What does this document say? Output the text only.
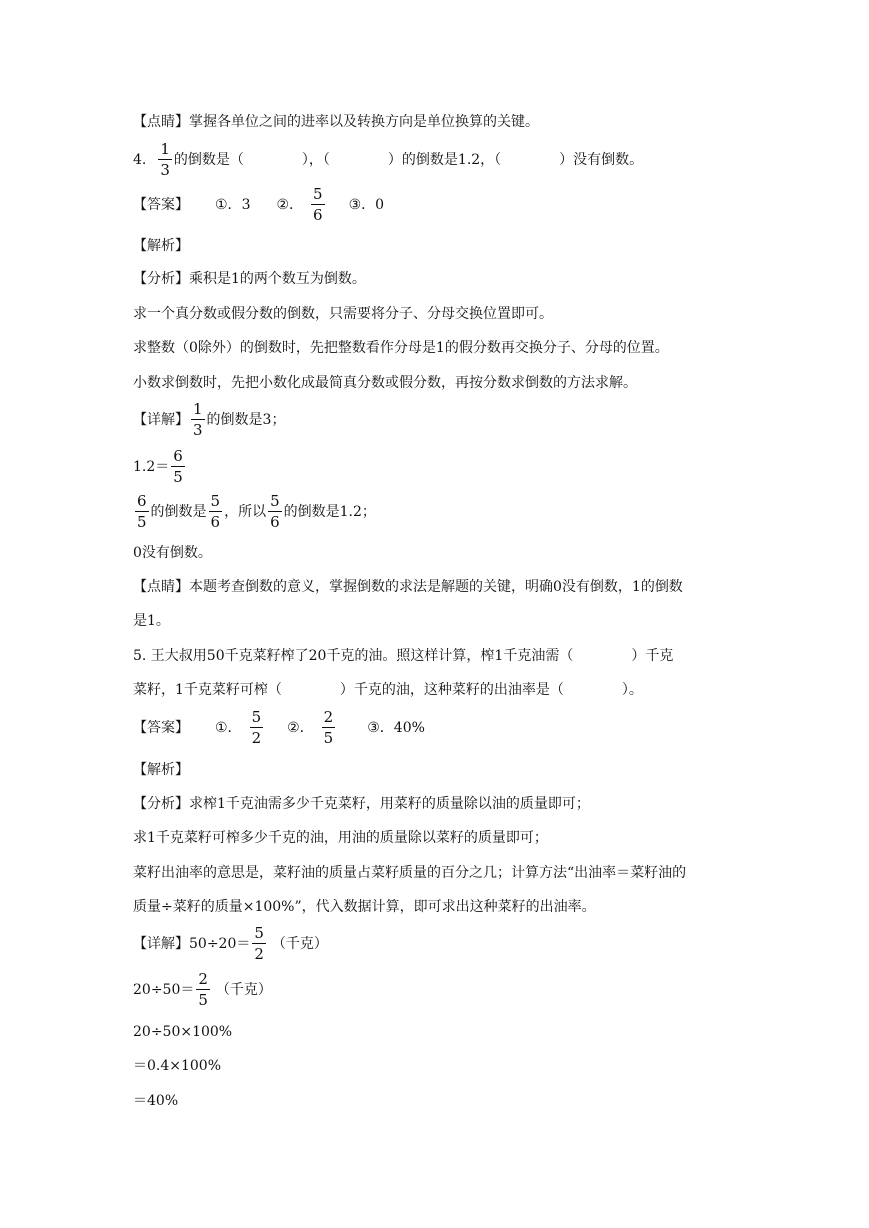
【点睛】 掌握各单位之间的进率以及转换方向是单位换算的关键。
4. $\frac{1}{3}$ 的倒数是（	），（	）的倒数是1.2，（	）没有倒数。
【答案】 ①． 3 ②． $\frac{5}{6}$ ③． 0
【解析】
【分析】 乘积是1的两个数互为倒数。
求一个真分数或假分数的倒数，只需要将分子、分母交换位置即可。
求整数（0除外）的倒数时，先把整数看作分母是1的假分数再交换分子、分母的位置。
小数求倒数时，先把小数化成最简真分数或假分数，再按分数求倒数的方法求解。
【详解】 $\frac{1}{3}$ 的倒数是3；
$1.2= \frac{6}{5}$
$\frac{6}{5}$ 的倒数是 $\frac{5}{6}$ ，所以 $\frac{5}{6}$ 的倒数是1.2；
0没有倒数。
【点睛】 本题考查倒数的意义，掌握倒数的求法是解题的关键，明确0没有倒数，1的倒数
是1。
5. 王大叔用50千克菜籽榨了20千克的油。照这样计算，榨1千克油需（	）千克
菜籽，1千克菜籽可榨（	）千克的油，这种菜籽的出油率是（	）。
【答案】 ①． $\frac{5}{2}$ ②． $\frac{2}{5}$ ③． 40%
【解析】
【分析】 求榨1千克油需多少千克菜籽，用菜籽的质量除以油的质量即可；
求1千克菜籽可榨多少千克的油，用油的质量除以菜籽的质量即可；
菜籽出油率的意思是，菜籽油的质量占菜籽质量的百分之几；计算方法“出油率＝菜籽油的
质量÷菜籽的质量×100%”，代入数据计算，即可求出这种菜籽的出油率。
【详解】 $50\div 20= \frac{5}{2}$ （千克）
$20\div 50= \frac{2}{5}$ （千克）
20÷50×100%
＝0.4×100%
＝40%
